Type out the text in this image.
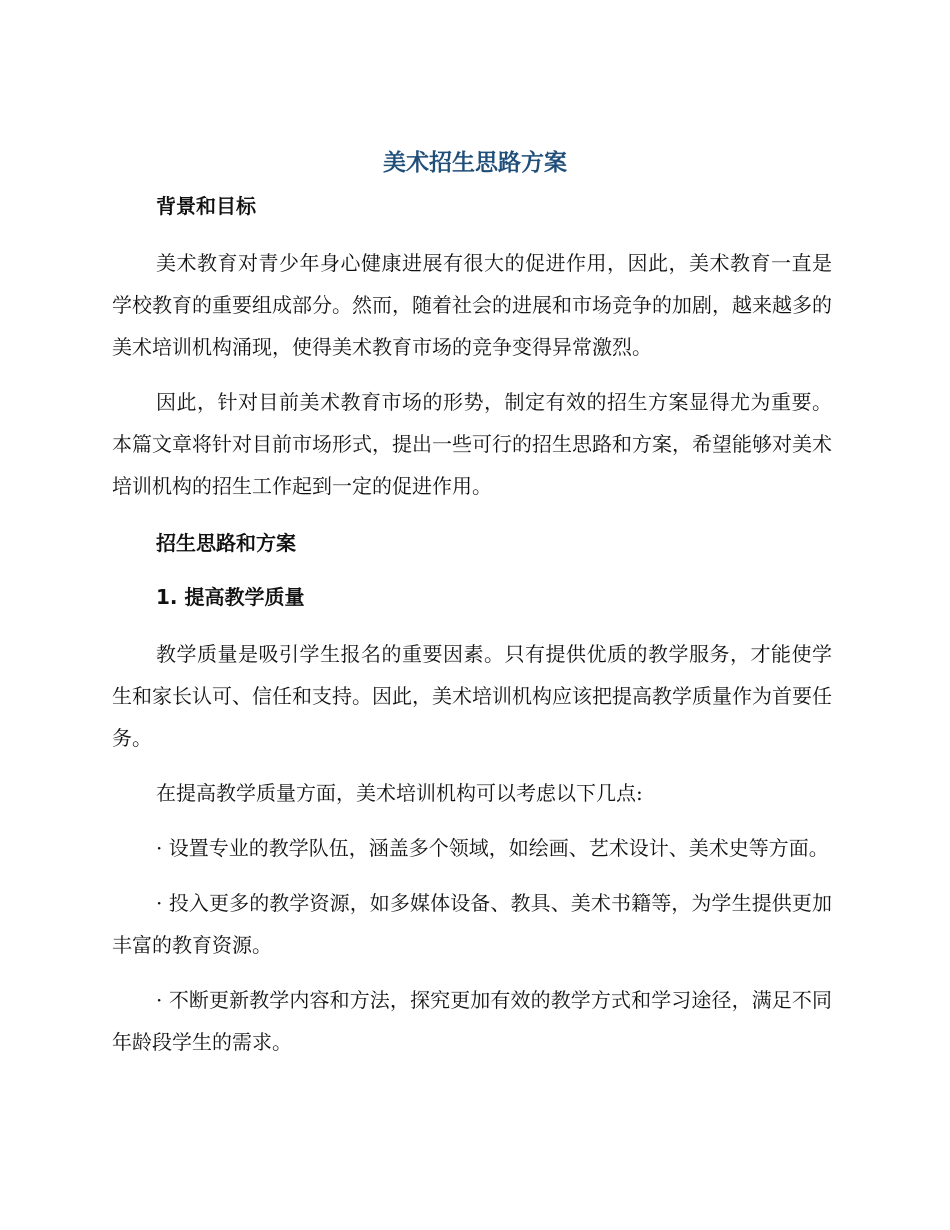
美术招生思路方案
背景和目标

美术教育对青少年身心健康进展有很大的促进作用，因此，美术教育一直是学校教育的重要组成部分。然而，随着社会的进展和市场竞争的加剧，越来越多的美术培训机构涌现，使得美术教育市场的竞争变得异常激烈。

因此，针对目前美术教育市场的形势，制定有效的招生方案显得尤为重要。本篇文章将针对目前市场形式，提出一些可行的招生思路和方案，希望能够对美术培训机构的招生工作起到一定的促进作用。

招生思路和方案
1. 提高教学质量

教学质量是吸引学生报名的重要因素。只有提供优质的教学服务，才能使学生和家长认可、信任和支持。因此，美术培训机构应该把提高教学质量作为首要任务。

在提高教学质量方面，美术培训机构可以考虑以下几点:

· 设置专业的教学队伍，涵盖多个领域，如绘画、艺术设计、美术史等方面。

· 投入更多的教学资源，如多媒体设备、教具、美术书籍等，为学生提供更加丰富的教育资源。

· 不断更新教学内容和方法，探究更加有效的教学方式和学习途径，满足不同年龄段学生的需求。
